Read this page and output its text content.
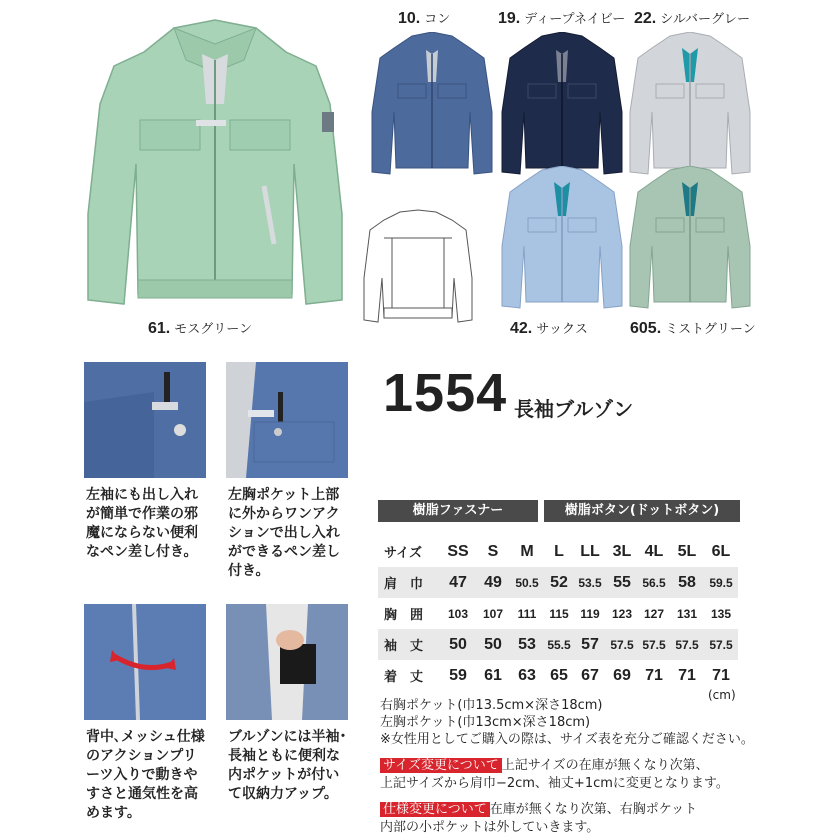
61. モスグリーン
10. コン	19. ディープネイビー 22. シルバーグレー
42. サックス	605. ミストグリーン
左袖にも出し入れが簡単で作業の邪魔にならない便利なペン差し付き。
左胸ポケット上部に外からワンアクションで出し入れができるペン差し付き。
背中､メッシュ仕様のアクションプリーツ入りで動きやすさと通気性を高めます。
ブルゾンには半袖･長袖ともに便利な内ポケットが付いて収納力アップ。
1554 長袖ブルゾン
樹脂ファスナー	樹脂ボタン(ドットボタン)
サイズ	SS	S	M	L	LL	3L	4L	5L	6L
肩　巾	47	49	50.5	52	53.5	55	56.5	58	59.5
胸　囲	103	107	111	115	119	123	127	131	135
袖　丈	50	50	53	55.5	57	57.5	57.5	57.5	57.5
着　丈	59	61	63	65	67	69	71	71	71
(cm)
右胸ポケット(巾13.5cm×深さ18cm)
左胸ポケット(巾13cm×深さ18cm)
※女性用としてご購入の際は、サイズ表を充分ご確認ください。
サイズ変更について 上記サイズの在庫が無くなり次第、
上記サイズから肩巾−2cm、袖丈+1cmに変更となります。
仕様変更について 在庫が無くなり次第、右胸ポケット
内部の小ポケットは外していきます。
